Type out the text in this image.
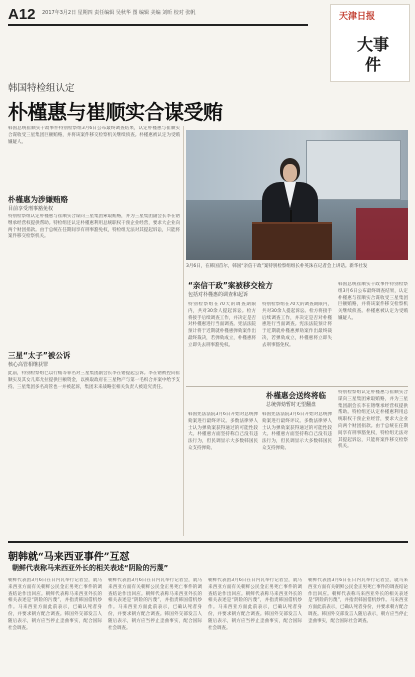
A12 2017年3月2日 星期四 责任编辑 吴秋华 图 编辑 美编 刘昕 校对 张帆	天津日报
大事件
韩国特检组认定
朴槿惠与崔顺实合谋受贿
韩国总统崔顺实干政事件特别检察组3月6日公布最终调查结果，认定朴槿惠与崔顺实合谋收受三星集团巨额贿赂，并将该案件移交检察机关继续侦查。朴槿惠被认定为受贿嫌疑人。
朴槿惠为涉嫌贿赂
目前享受刑事豁免权
特别检察组认定朴槿惠与崔顺实合谋向三星集团索取贿赂，并为三星集团副会长李在镕继承经营权提供帮助。特检组还认定朴槿惠利用总统职权干预企业经营，要求大企业向两个财团捐款。由于总统在任期间享有刑事豁免权，特检组无法对其提起诉讼，只能将案件移交检察机关。
三星“太子”被公诉
核心高管相继获罪
此前，特别检察组已以行贿等罪名对三星集团副会长李在镕提起公诉。李在镕被控向崔顺实及其女儿郑尤拉提供巨额资金，以换取政府在三星物产与第一毛织合并案中给予支持。三星集团多名高管也一并被起诉，集团未来战略室相关负责人被追究责任。
3月6日，在韩国首尔，韩国“亲信干政”案特别检察组组长朴英洙在记者会上讲话。新华社发
“亲信干政”案被移交检方
包括对朴槿惠的调查和起诉
特别检察组在70天的调查期限内，共对30余人提起诉讼。检方将接手后续调查工作，并决定是否对朴槿惠进行当面调查。宪法法院预计将于近期就朴槿惠弹劾案作出最终裁决，若弹劾成立，朴槿惠将立即失去刑事豁免权。
特别检察组在70天的调查期限内，共对30余人提起诉讼。检方将接手后续调查工作，并决定是否对朴槿惠进行当面调查。宪法法院预计将于近期就朴槿惠弹劾案作出最终裁决，若弹劾成立，朴槿惠将立即失去刑事豁免权。
韩国总统崔顺实干政事件特别检察组3月6日公布最终调查结果，认定朴槿惠与崔顺实合谋收受三星集团巨额贿赂，并将该案件移交检察机关继续侦查。朴槿惠被认定为受贿嫌疑人。
朴槿惠会送终将临
总统弹劾暂时无望翻盘
韩国宪法法院3月6日开始对总统弹劾案进行最终评议。多数法律界人士认为弹劾案获得通过的可能性较大。朴槿惠方面坚持称自己没有违法行为，但民调显示大多数韩国民众支持弹劾。
韩国宪法法院3月6日开始对总统弹劾案进行最终评议。多数法律界人士认为弹劾案获得通过的可能性较大。朴槿惠方面坚持称自己没有违法行为，但民调显示大多数韩国民众支持弹劾。
特别检察组认定朴槿惠与崔顺实合谋向三星集团索取贿赂，并为三星集团副会长李在镕继承经营权提供帮助。特检组还认定朴槿惠利用总统职权干预企业经营，要求大企业向两个财团捐款。由于总统在任期间享有刑事豁免权，特检组无法对其提起诉讼，只能将案件移交检察机关。
朝韩就“马来西亚事件”互怼
朝鲜代表称马来西亚外长的相关表述“阴险的污蔑”
朝鲜代表团3月6日在日内瓦举行记者会，就马来西亚方面有关朝鲜公民金正男死亡事件的调查结论作出回应。朝鲜代表称马来西亚外长的相关表述是“阴险的污蔑”，并指责韩国借机炒作。马来西亚方面此前表示，已确认死者身份，并要求朝方配合调查。韩国外交部发言人随后表示，朝方应当停止歪曲事实，配合国际社会调查。
朝鲜代表团3月6日在日内瓦举行记者会，就马来西亚方面有关朝鲜公民金正男死亡事件的调查结论作出回应。朝鲜代表称马来西亚外长的相关表述是“阴险的污蔑”，并指责韩国借机炒作。马来西亚方面此前表示，已确认死者身份，并要求朝方配合调查。韩国外交部发言人随后表示，朝方应当停止歪曲事实，配合国际社会调查。
朝鲜代表团3月6日在日内瓦举行记者会，就马来西亚方面有关朝鲜公民金正男死亡事件的调查结论作出回应。朝鲜代表称马来西亚外长的相关表述是“阴险的污蔑”，并指责韩国借机炒作。马来西亚方面此前表示，已确认死者身份，并要求朝方配合调查。韩国外交部发言人随后表示，朝方应当停止歪曲事实，配合国际社会调查。
朝鲜代表团3月6日在日内瓦举行记者会，就马来西亚方面有关朝鲜公民金正男死亡事件的调查结论作出回应。朝鲜代表称马来西亚外长的相关表述是“阴险的污蔑”，并指责韩国借机炒作。马来西亚方面此前表示，已确认死者身份，并要求朝方配合调查。韩国外交部发言人随后表示，朝方应当停止歪曲事实，配合国际社会调查。
